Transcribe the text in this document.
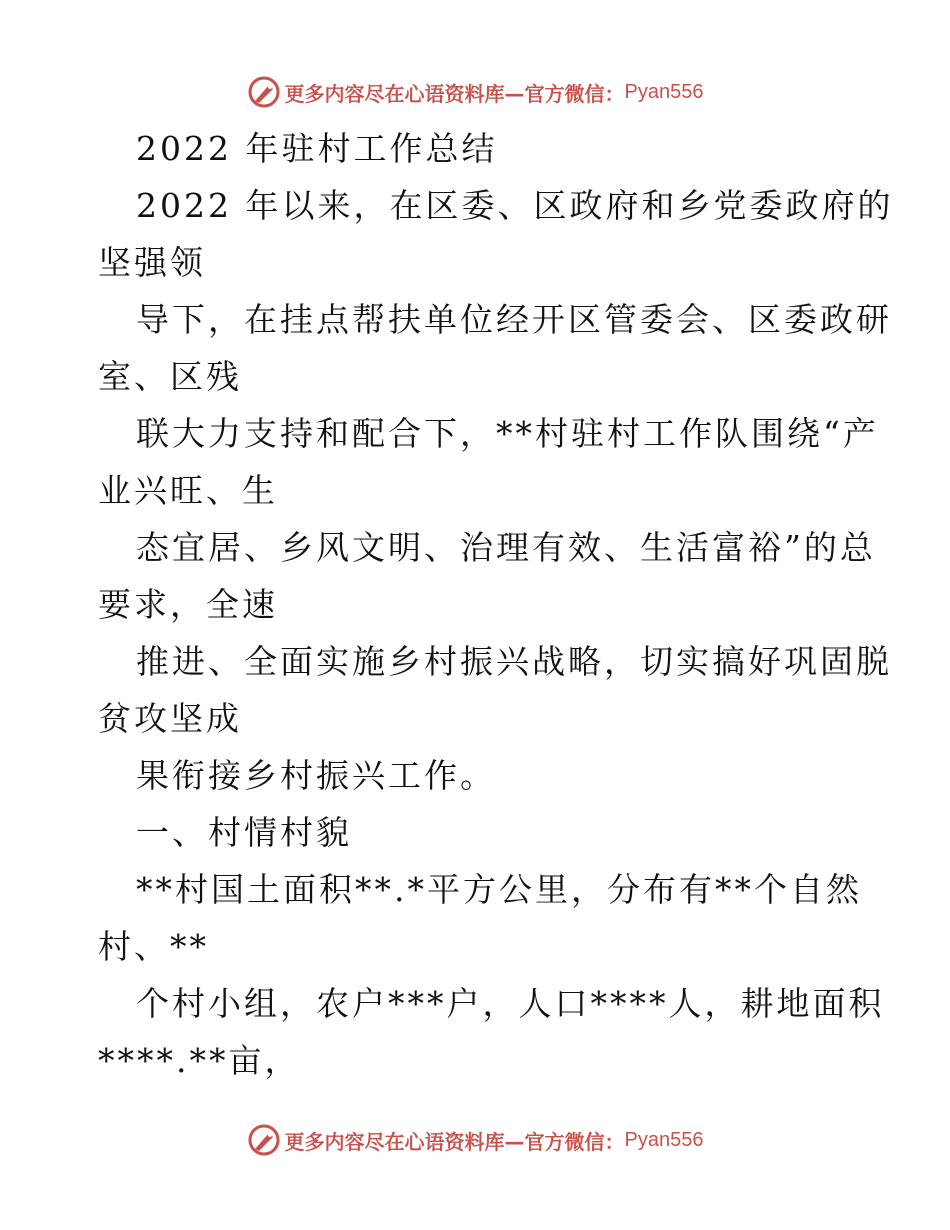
更多内容尽在心语资料库—官方微信： Pyan556
2022 年驻村工作总结
2022 年以来，在区委、区政府和乡党委政府的
坚强领
导下，在挂点帮扶单位经开区管委会、区委政研
室、区残
联大力支持和配合下，**村驻村工作队围绕“产
业兴旺、生
态宜居、乡风文明、治理有效、生活富裕”的总
要求，全速
推进、全面实施乡村振兴战略，切实搞好巩固脱
贫攻坚成
果衔接乡村振兴工作。
一、村情村貌
**村国土面积**.*平方公里，分布有**个自然
村、**
个村小组，农户***户，人口****人，耕地面积
****.**亩，
更多内容尽在心语资料库—官方微信： Pyan556
